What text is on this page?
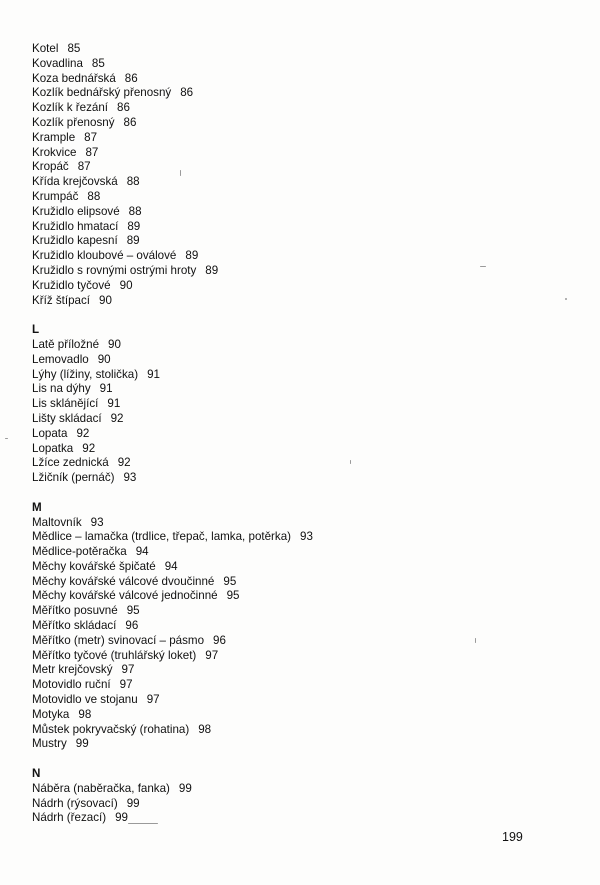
Kotel 85
Kovadlina 85
Koza bednářská 86
Kozlík bednářský přenosný 86
Kozlík k řezání 86
Kozlík přenosný 86
Krample 87
Krokvice 87
Kropáč 87
Křída krejčovská 88
Krumpáč 88
Kružidlo elipsové 88
Kružidlo hmatací 89
Kružidlo kapesní 89
Kružidlo kloubové – oválové 89
Kružidlo s rovnými ostrými hroty 89
Kružidlo tyčové 90
Kříž štípací 90
L
Latě příložné 90
Lemovadlo 90
Lýhy (lížiny, stolička) 91
Lis na dýhy 91
Lis sklánějící 91
Lišty skládací 92
Lopata 92
Lopatka 92
Lžíce zednická 92
Lžičník (pernáč) 93
M
Maltovník 93
Mědlice – lamačka (trdlice, třepač, lamka, potěrka) 93
Mědlice-potěračka 94
Měchy kovářské špičaté 94
Měchy kovářské válcové dvoučinné 95
Měchy kovářské válcové jednočinné 95
Měřítko posuvné 95
Měřítko skládací 96
Měřítko (metr) svinovací – pásmo 96
Měřítko tyčové (truhlářský loket) 97
Metr krejčovský 97
Motovidlo ruční 97
Motovidlo ve stojanu 97
Motyka 98
Můstek pokryvačský (rohatina) 98
Mustry 99
N
Náběra (naběračka, fanka) 99
Nádrh (rýsovací) 99
Nádrh (řezací) 99
199
